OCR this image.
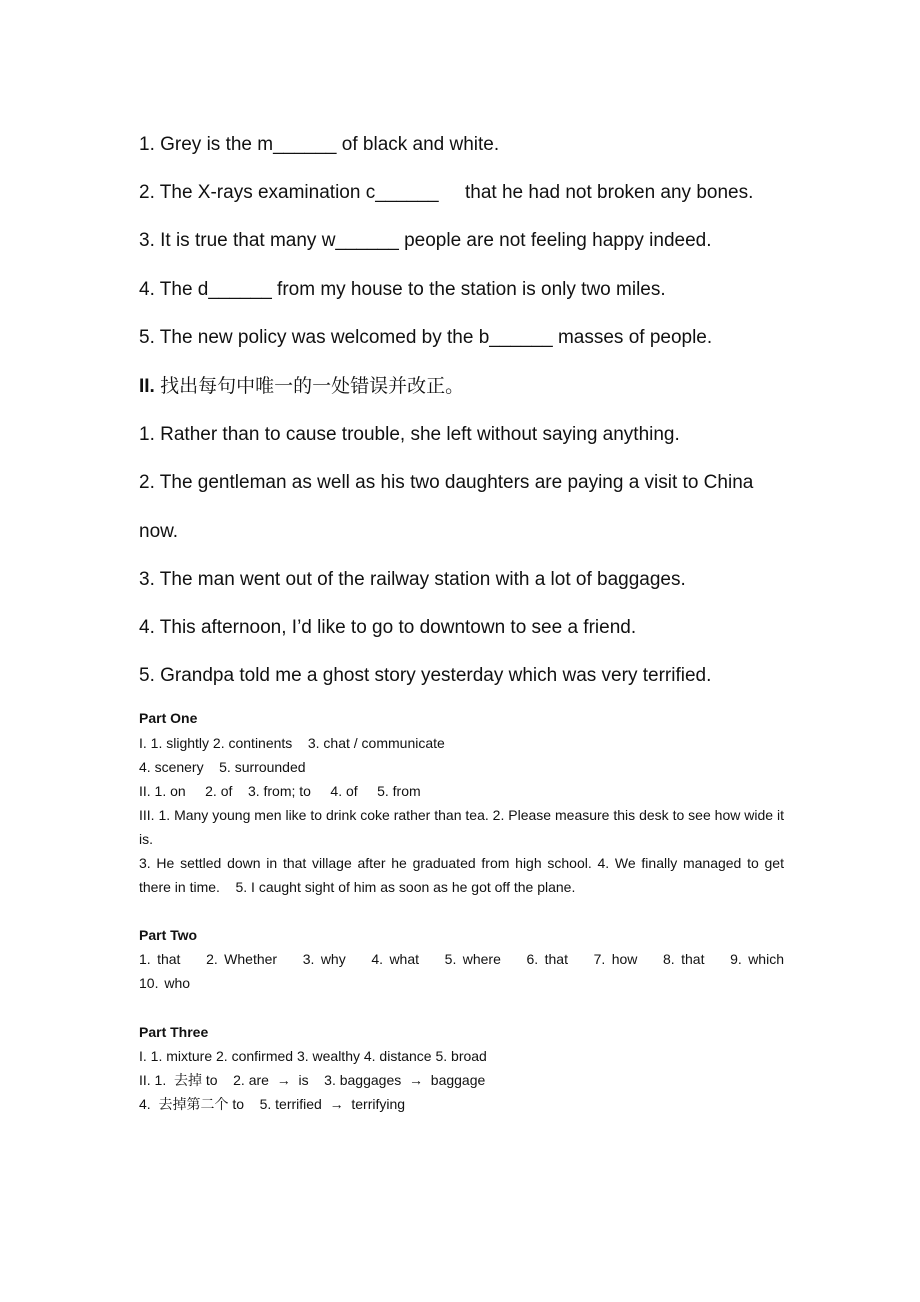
1. Grey is the m______ of black and white.

2. The X-rays examination c______     that he had not broken any bones.

3. It is true that many w______ people are not feeling happy indeed.

4. The d______ from my house to the station is only two miles.

5. The new policy was welcomed by the b______ masses of people.

II. 找出每句中唯一的一处错误并改正。

1. Rather than to cause trouble, she left without saying anything.

2. The gentleman as well as his two daughters are paying a visit to China now.

3. The man went out of the railway station with a lot of baggages.

4. This afternoon, I’d like to go to downtown to see a friend.

5. Grandpa told me a ghost story yesterday which was very terrified.

Part One

I. 1. slightly 2. continents    3. chat / communicate

4. scenery    5. surrounded

II. 1. on     2. of    3. from; to     4. of     5. from

III. 1. Many young men like to drink coke rather than tea. 2. Please measure this desk to see how wide it is.

3. He settled down in that village after he graduated from high school. 4. We finally managed to get there in time.    5. I caught sight of him as soon as he got off the plane.

Part Two

1. that    2. Whether    3. why    4. what    5. where    6. that    7. how    8. that    9. which    10. who

Part Three

I. 1. mixture 2. confirmed 3. wealthy 4. distance 5. broad

II. 1.  去掉 to    2. are  →  is    3. baggages  →  baggage

4.  去掉第二个 to    5. terrified  →  terrifying
